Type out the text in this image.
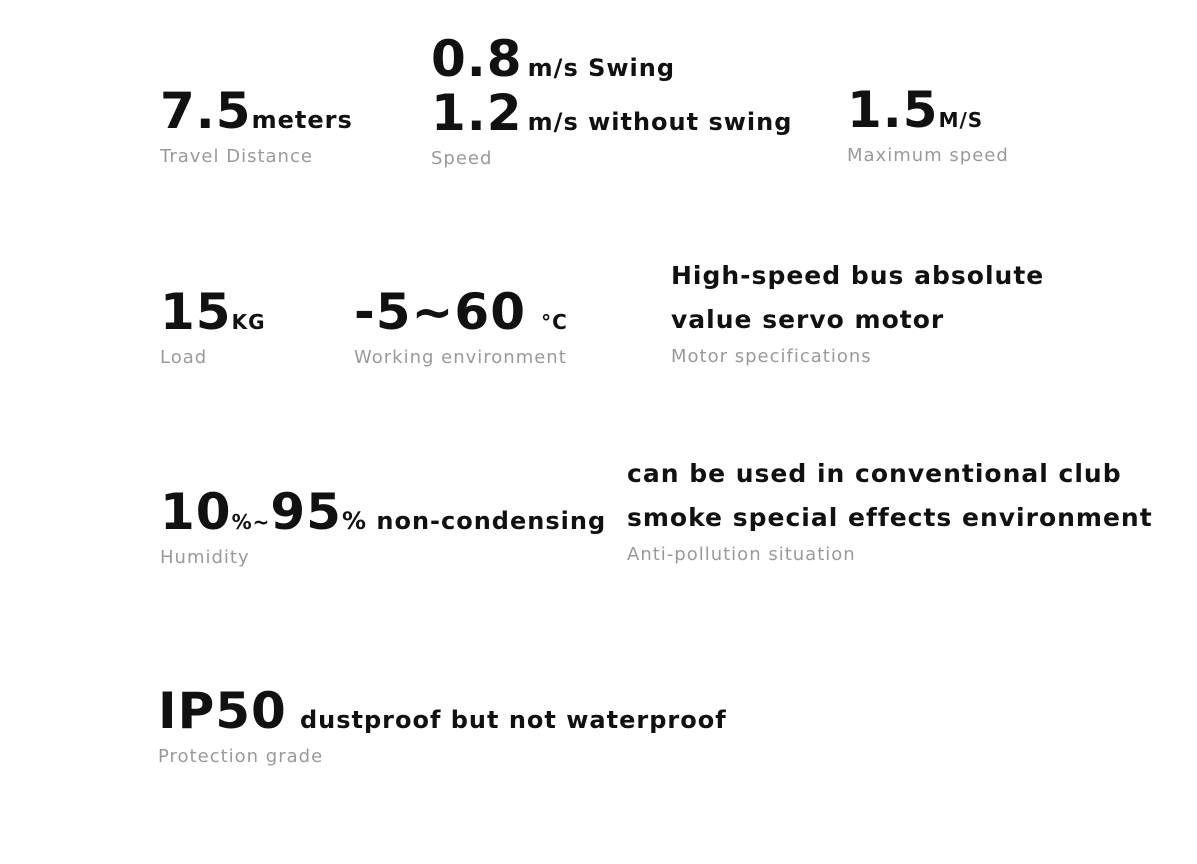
7.5meters
Travel Distance
0.8 m/s Swing
1.2 m/s without swing
Speed
1.5M/S
Maximum speed
15KG
Load
-5~60 °C
Working environment
High-speed bus absolute
value servo motor
Motor specifications
10%~95% non-condensing
Humidity
can be used in conventional club
smoke special effects environment
Anti-pollution situation
IP50 dustproof but not waterproof
Protection grade
